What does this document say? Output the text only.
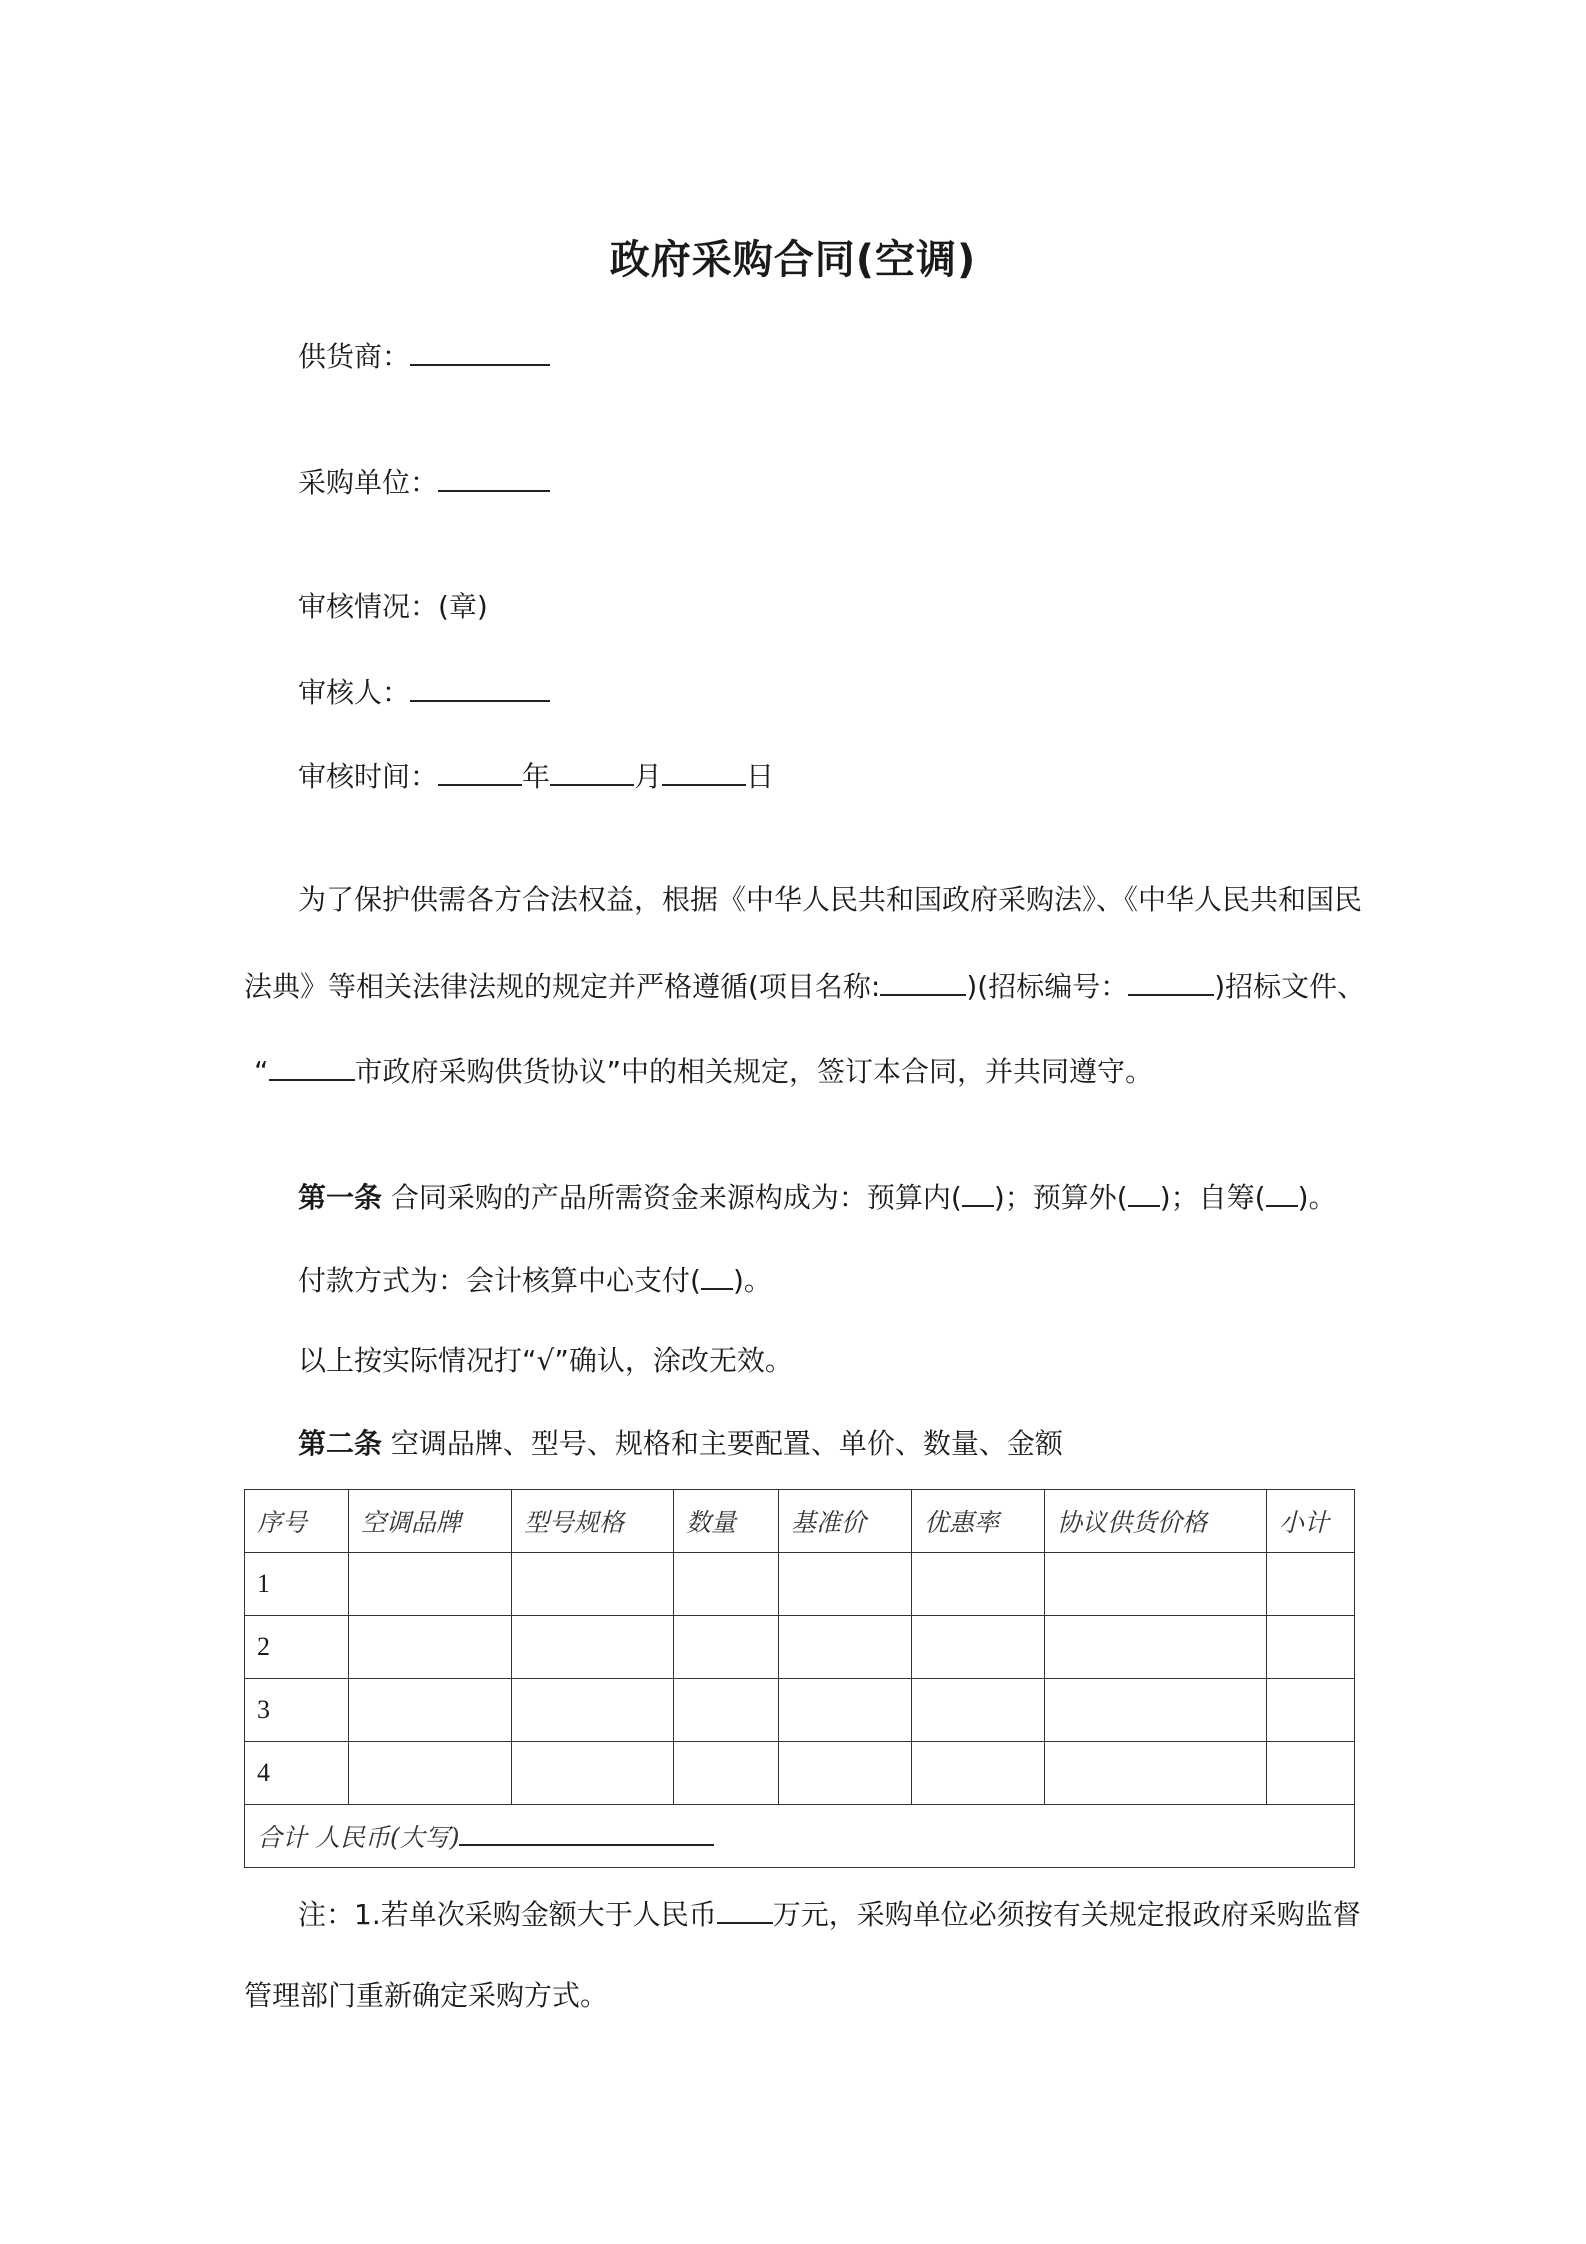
政府采购合同(空调)
供货商：
采购单位：
审核情况：(章)
审核人：
审核时间：	年	月	日
为了保护供需各方合法权益，根据《中华人民共和国政府采购法》、《中华人民共和国民
法典》等相关法律法规的规定并严格遵循(项目名称:	)(招标编号：	)招标文件、
“	市政府采购供货协议”中的相关规定，签订本合同，并共同遵守。
第一条 合同采购的产品所需资金来源构成为：预算内( )；预算外( )；自筹( )。
付款方式为：会计核算中心支付( )。
以上按实际情况打“√”确认，涂改无效。
第二条 空调品牌、型号、规格和主要配置、单价、数量、金额
序号	空调品牌	型号规格	数量	基准价	优惠率	协议供货价格	小计
1							
2							
3							
4							
合计 人民币(大写)							
注：1.若单次采购金额大于人民币 万元，采购单位必须按有关规定报政府采购监督
管理部门重新确定采购方式。
